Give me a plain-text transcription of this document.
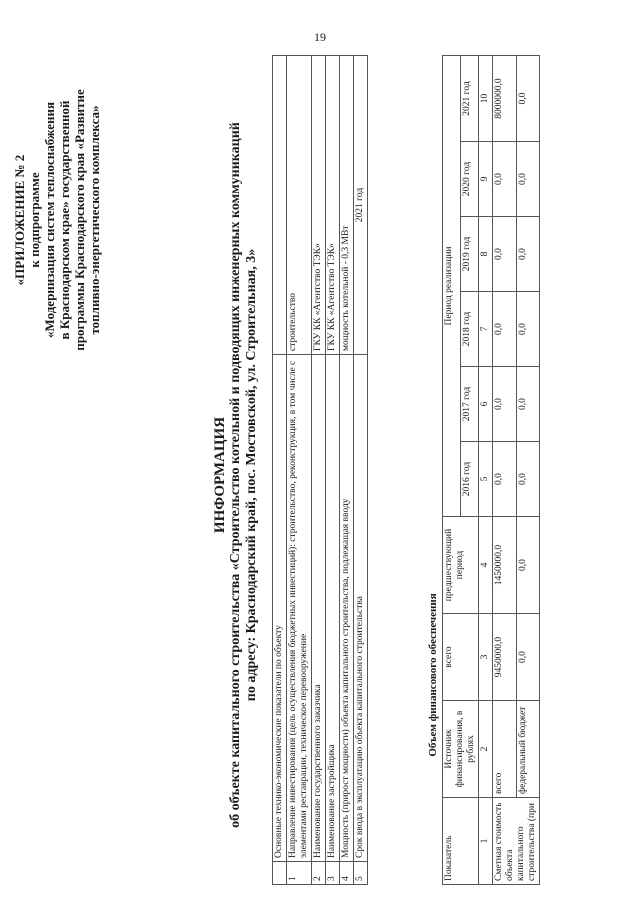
19
«ПРИЛОЖЕНИЕ № 2 к подпрограмме «Модернизация систем теплоснабжения в Краснодарском крае» государственной программы Краснодарского края «Развитие топливно-энергетического комплекса»
ИНФОРМАЦИЯ об объекте капитального строительства «Строительство котельной и подводящих инженерных коммуникаций по адресу: Краснодарский край, пос. Мостовской, ул. Строительная, 3»
	Основные технико-экономические показатели по объекту	
1	Направление инвестирования (цель осуществления бюджетных инвестиций): строительство, реконструкция, в том числе с элементами реставрации, техническое перевооружение	строительство
2	Наименование государственного заказчика	ГКУ КК «Агентство ТЭК»
3	Наименование застройщика	ГКУ КК «Агентство ТЭК»
4	Мощность (прирост мощности) объекта капитального строительства, подлежащая вводу	мощность котельной - 0,3 МВт
5	Срок ввода в эксплуатацию объекта капитального строительства	2021 год
Объем финансового обеспечения
Показатель	Источник финансирования, в рублях	всего	предшествующий период	Период реализации					
				2016 год	2017 год	2018 год	2019 год	2020 год	2021 год
1	2	3	4	5	6	7	8	9	10
Сметная стоимость объекта капитального строительства (при	всего	9450000,0	1450000,0	0,0	0,0	0,0	0,0	0,0	8000000,0
	федеральный бюджет	0,0	0,0	0,0	0,0	0,0	0,0	0,0	0,0
